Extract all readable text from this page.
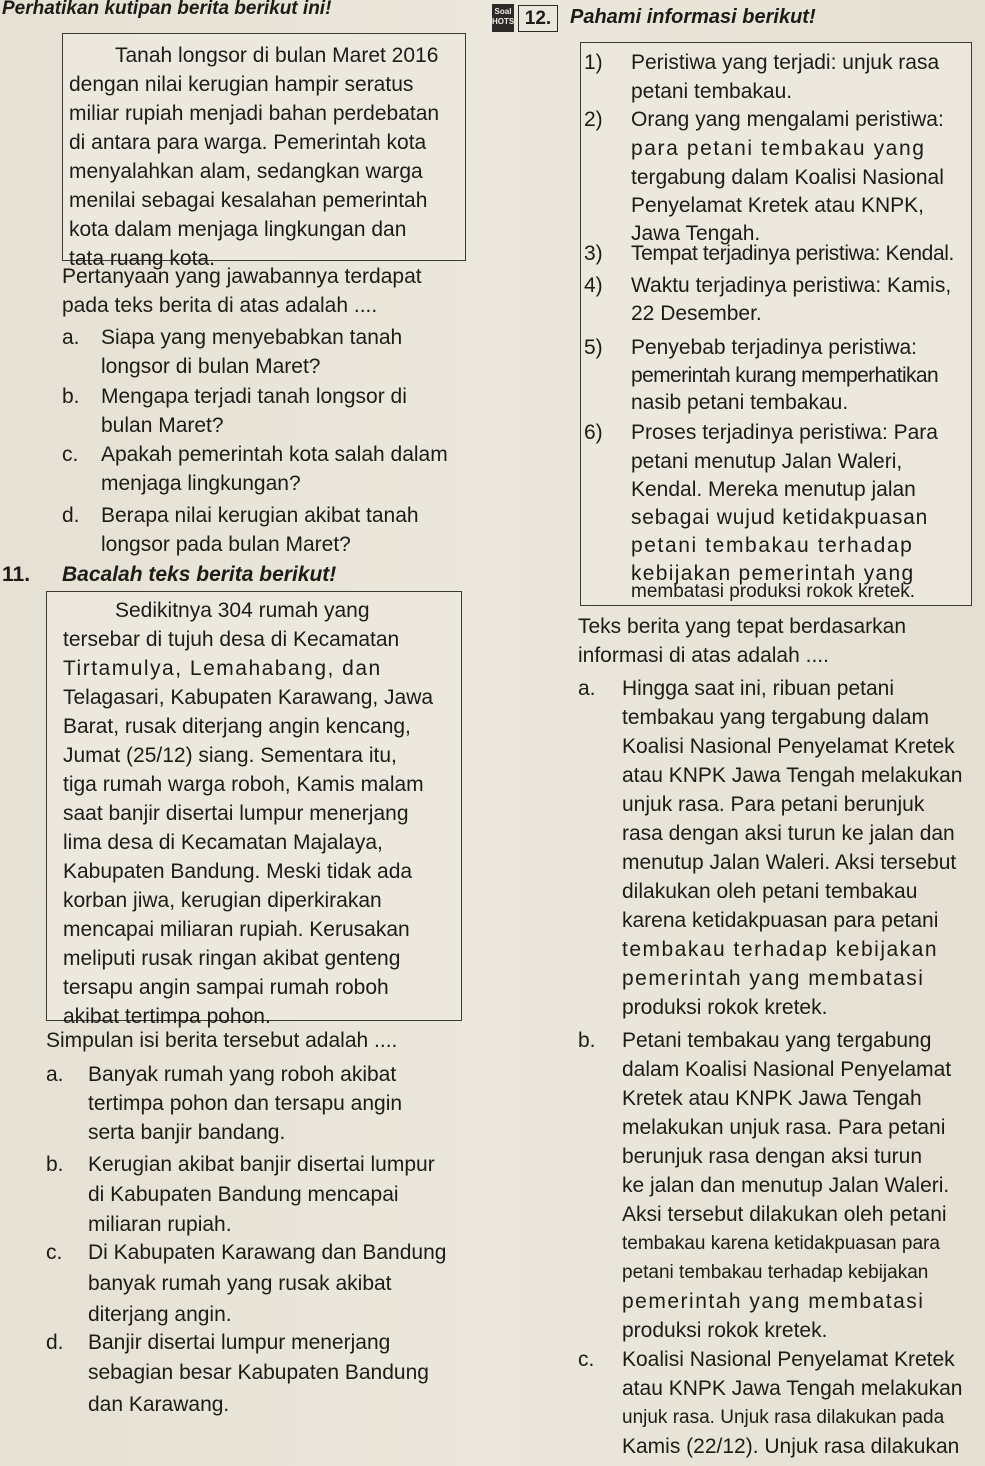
Perhatikan kutipan berita berikut ini!

Tanah longsor di bulan Maret 2016

dengan nilai kerugian hampir seratus

miliar rupiah menjadi bahan perdebatan

di antara para warga. Pemerintah kota

menyalahkan alam, sedangkan warga

menilai sebagai kesalahan pemerintah

kota dalam menjaga lingkungan dan

tata ruang kota.

Pertanyaan yang jawabannya terdapat
pada teks berita di atas adalah ....
a. Siapa yang menyebabkan tanah
longsor di bulan Maret?
b. Mengapa terjadi tanah longsor di
bulan Maret?
c. Apakah pemerintah kota salah dalam
menjaga lingkungan?
d. Berapa nilai kerugian akibat tanah
longsor pada bulan Maret?
11. Bacalah teks berita berikut!

Sedikitnya 304 rumah yang

tersebar di tujuh desa di Kecamatan

Tirtamulya, Lemahabang, dan

Telagasari, Kabupaten Karawang, Jawa

Barat, rusak diterjang angin kencang,

Jumat (25/12) siang. Sementara itu,

tiga rumah warga roboh, Kamis malam

saat banjir disertai lumpur menerjang

lima desa di Kecamatan Majalaya,

Kabupaten Bandung. Meski tidak ada

korban jiwa, kerugian diperkirakan

mencapai miliaran rupiah. Kerusakan

meliputi rusak ringan akibat genteng

tersapu angin sampai rumah roboh

akibat tertimpa pohon.

Simpulan isi berita tersebut adalah ....
a. Banyak rumah yang roboh akibat
tertimpa pohon dan tersapu angin
serta banjir bandang.
b. Kerugian akibat banjir disertai lumpur
di Kabupaten Bandung mencapai
miliaran rupiah.
c. Di Kabupaten Karawang dan Bandung
banyak rumah yang rusak akibat
diterjang angin.
d. Banjir disertai lumpur menerjang
sebagian besar Kabupaten Bandung
dan Karawang.
Soal HOTS 12. Pahami informasi berikut!

1) Peristiwa yang terjadi: unjuk rasa

petani tembakau.

2) Orang yang mengalami peristiwa:

para petani tembakau yang

tergabung dalam Koalisi Nasional

Penyelamat Kretek atau KNPK,

Jawa Tengah.

3) Tempat terjadinya peristiwa: Kendal.

4) Waktu terjadinya peristiwa: Kamis,

22 Desember.

5) Penyebab terjadinya peristiwa:

pemerintah kurang memperhatikan

nasib petani tembakau.

6) Proses terjadinya peristiwa: Para

petani menutup Jalan Waleri,

Kendal. Mereka menutup jalan

sebagai wujud ketidakpuasan

petani tembakau terhadap

kebijakan pemerintah yang

membatasi produksi rokok kretek.

Teks berita yang tepat berdasarkan
informasi di atas adalah ....
a. Hingga saat ini, ribuan petani
tembakau yang tergabung dalam
Koalisi Nasional Penyelamat Kretek
atau KNPK Jawa Tengah melakukan
unjuk rasa. Para petani berunjuk
rasa dengan aksi turun ke jalan dan
menutup Jalan Waleri. Aksi tersebut
dilakukan oleh petani tembakau
karena ketidakpuasan para petani
tembakau terhadap kebijakan
pemerintah yang membatasi
produksi rokok kretek.
b. Petani tembakau yang tergabung
dalam Koalisi Nasional Penyelamat
Kretek atau KNPK Jawa Tengah
melakukan unjuk rasa. Para petani
berunjuk rasa dengan aksi turun
ke jalan dan menutup Jalan Waleri.
Aksi tersebut dilakukan oleh petani
tembakau karena ketidakpuasan para
petani tembakau terhadap kebijakan
pemerintah yang membatasi
produksi rokok kretek.
c. Koalisi Nasional Penyelamat Kretek
atau KNPK Jawa Tengah melakukan
unjuk rasa. Unjuk rasa dilakukan pada
Kamis (22/12). Unjuk rasa dilakukan
